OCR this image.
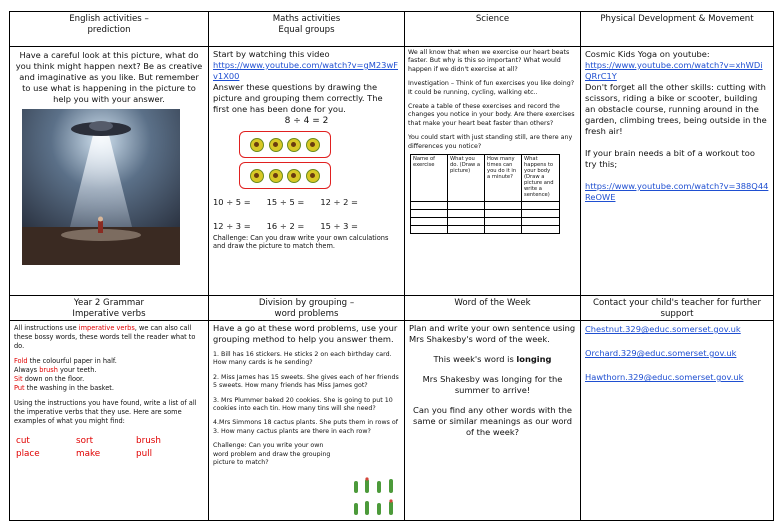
English activities –
prediction
Maths activities
Equal groups
Science	Physical Development & Movement
Have a careful look at this picture, what do you think might happen next? Be as creative and imaginative as you like. But remember to use what is happening in the picture to help you with your answer.

Start by watching this video

https://www.youtube.com/watch?v=gM23wFv1X00

Answer these questions by drawing the picture and grouping them correctly. The first one has been done for you.

8 ÷ 4 = 2

10 ÷ 5 = 15 ÷ 5 = 12 ÷ 2 =
12 ÷ 3 = 16 ÷ 2 = 15 ÷ 3 =

Challenge: Can you draw write your own calculations and draw the picture to match them.

We all know that when we exercise our heart beats faster. But why is this so important? What would happen if we didn't exercise at all?

Investigation – Think of fun exercises you like doing? It could be running, cycling, walking etc..

Create a table of these exercises and record the changes you notice in your body. Are there exercises that make your heart beat faster than others?

You could start with just standing still, are there any differences you notice?

Name of exercise	What you do. (Draw a picture)	How many times can you do it in a minute?	What happens to your body (Draw a picture and write a sentence)

Cosmic Kids Yoga on youtube:

https://www.youtube.com/watch?v=xhWDiQRrC1Y

Don't forget all the other skills: cutting with scissors, riding a bike or scooter, building an obstacle course, running around in the garden, climbing trees, being outside in the fresh air!

If your brain needs a bit of a workout too try this;

https://www.youtube.com/watch?v=388Q44ReOWE

Year 2 Grammar
Imperative verbs
Division by grouping –
word problems
Word of the Week	Contact your child's teacher for further
support

All instructions use imperative verbs, we can also call these bossy words, these words tell the reader what to do.

Fold the colourful paper in half.

Always brush your teeth.

Sit down on the floor.

Put the washing in the basket.

Using the instructions you have found, write a list of all the imperative verbs that they use. Here are some examples of what you might find:

cut	sort	brush
place	make	pull

Have a go at these word problems, use your grouping method to help you answer them.

1. Bill has 16 stickers. He sticks 2 on each birthday card. How many cards is he sending?

2. Miss James has 15 sweets. She gives each of her friends 5 sweets. How many friends has Miss James got?

3. Mrs Plummer baked 20 cookies. She is going to put 10 cookies into each tin. How many tins will she need?

4.Mrs Simmons 18 cactus plants. She puts them in rows of 3. How many cactus plants are there in each row?

Challenge: Can you write your own word problem and draw the grouping picture to match?

Plan and write your own sentence using Mrs Shakesby's word of the week.

This week's word is longing

Mrs Shakesby was longing for the summer to arrive!

Can you find any other words with the same or similar meanings as our word of the week?

Chestnut.329@educ.somerset.gov.uk

Orchard.329@educ.somerset.gov.uk

Hawthorn.329@educ.somerset.gov.uk
